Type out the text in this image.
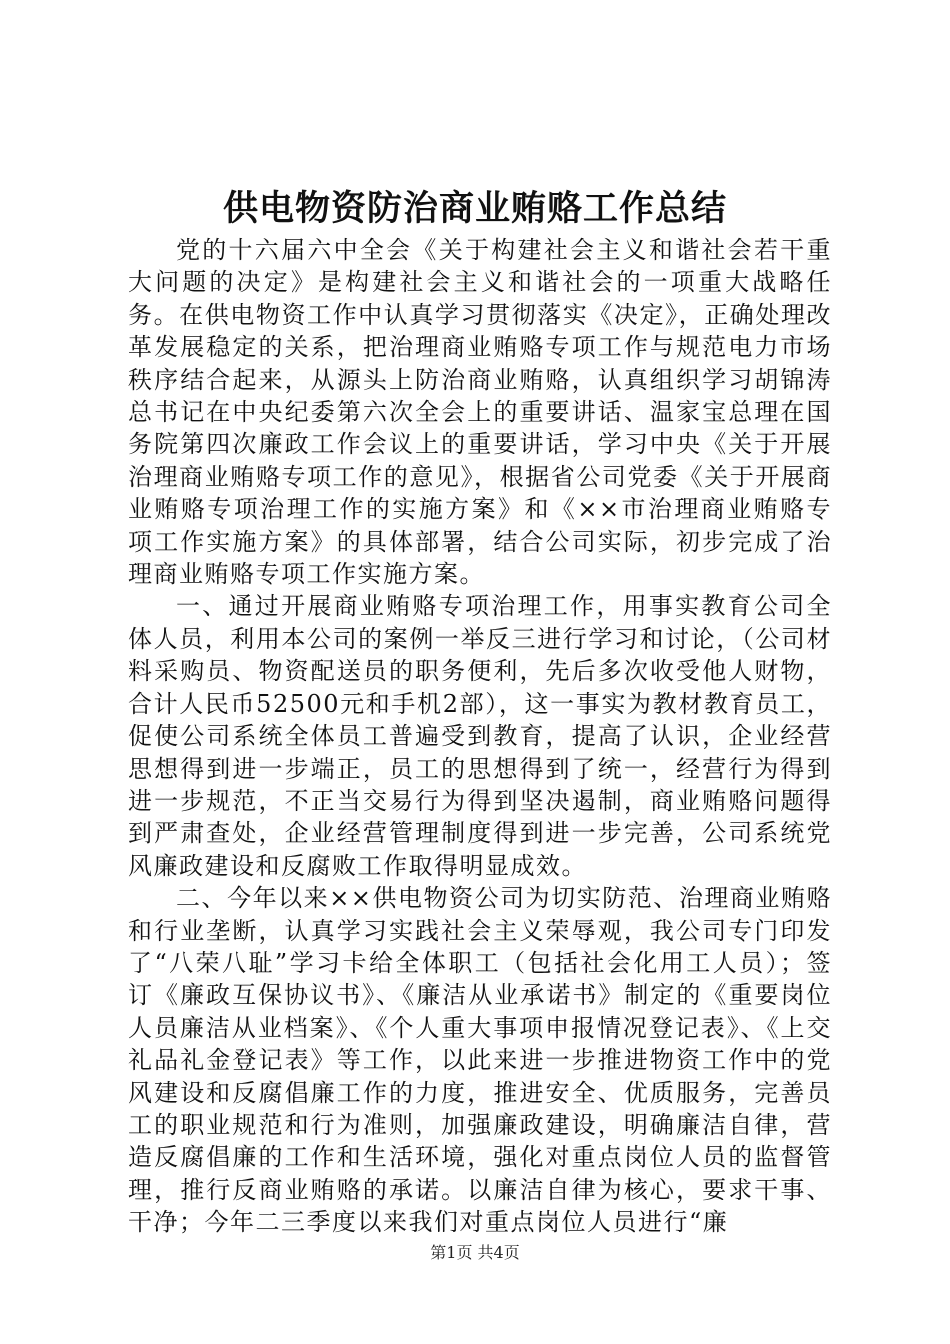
供电物资防治商业贿赂工作总结

党的十六届六中全会《关于构建社会主义和谐社会若干重大问题的决定》是构建社会主义和谐社会的一项重大战略任务。在供电物资工作中认真学习贯彻落实《决定》，正确处理改革发展稳定的关系，把治理商业贿赂专项工作与规范电力市场秩序结合起来，从源头上防治商业贿赂，认真组织学习胡锦涛总书记在中央纪委第六次全会上的重要讲话、温家宝总理在国务院第四次廉政工作会议上的重要讲话，学习中央《关于开展治理商业贿赂专项工作的意见》，根据省公司党委《关于开展商业贿赂专项治理工作的实施方案》和《××市治理商业贿赂专项工作实施方案》的具体部署，结合公司实际，初步完成了治理商业贿赂专项工作实施方案。

一、通过开展商业贿赂专项治理工作，用事实教育公司全体人员，利用本公司的案例一举反三进行学习和讨论，（公司材料采购员、物资配送员的职务便利，先后多次收受他人财物，合计人民币52500元和手机2部），这一事实为教材教育员工，促使公司系统全体员工普遍受到教育，提高了认识，企业经营思想得到进一步端正，员工的思想得到了统一，经营行为得到进一步规范，不正当交易行为得到坚决遏制，商业贿赂问题得到严肃查处，企业经营管理制度得到进一步完善，公司系统党风廉政建设和反腐败工作取得明显成效。

二、今年以来××供电物资公司为切实防范、治理商业贿赂和行业垄断，认真学习实践社会主义荣辱观，我公司专门印发了“八荣八耻”学习卡给全体职工（包括社会化用工人员）；签订《廉政互保协议书》、《廉洁从业承诺书》制定的《重要岗位人员廉洁从业档案》、《个人重大事项申报情况登记表》、《上交礼品礼金登记表》等工作，以此来进一步推进物资工作中的党风建设和反腐倡廉工作的力度，推进安全、优质服务，完善员工的职业规范和行为准则，加强廉政建设，明确廉洁自律，营造反腐倡廉的工作和生活环境，强化对重点岗位人员的监督管理，推行反商业贿赂的承诺。以廉洁自律为核心，要求干事、干净；今年二三季度以来我们对重点岗位人员进行“廉

第1页 共4页
